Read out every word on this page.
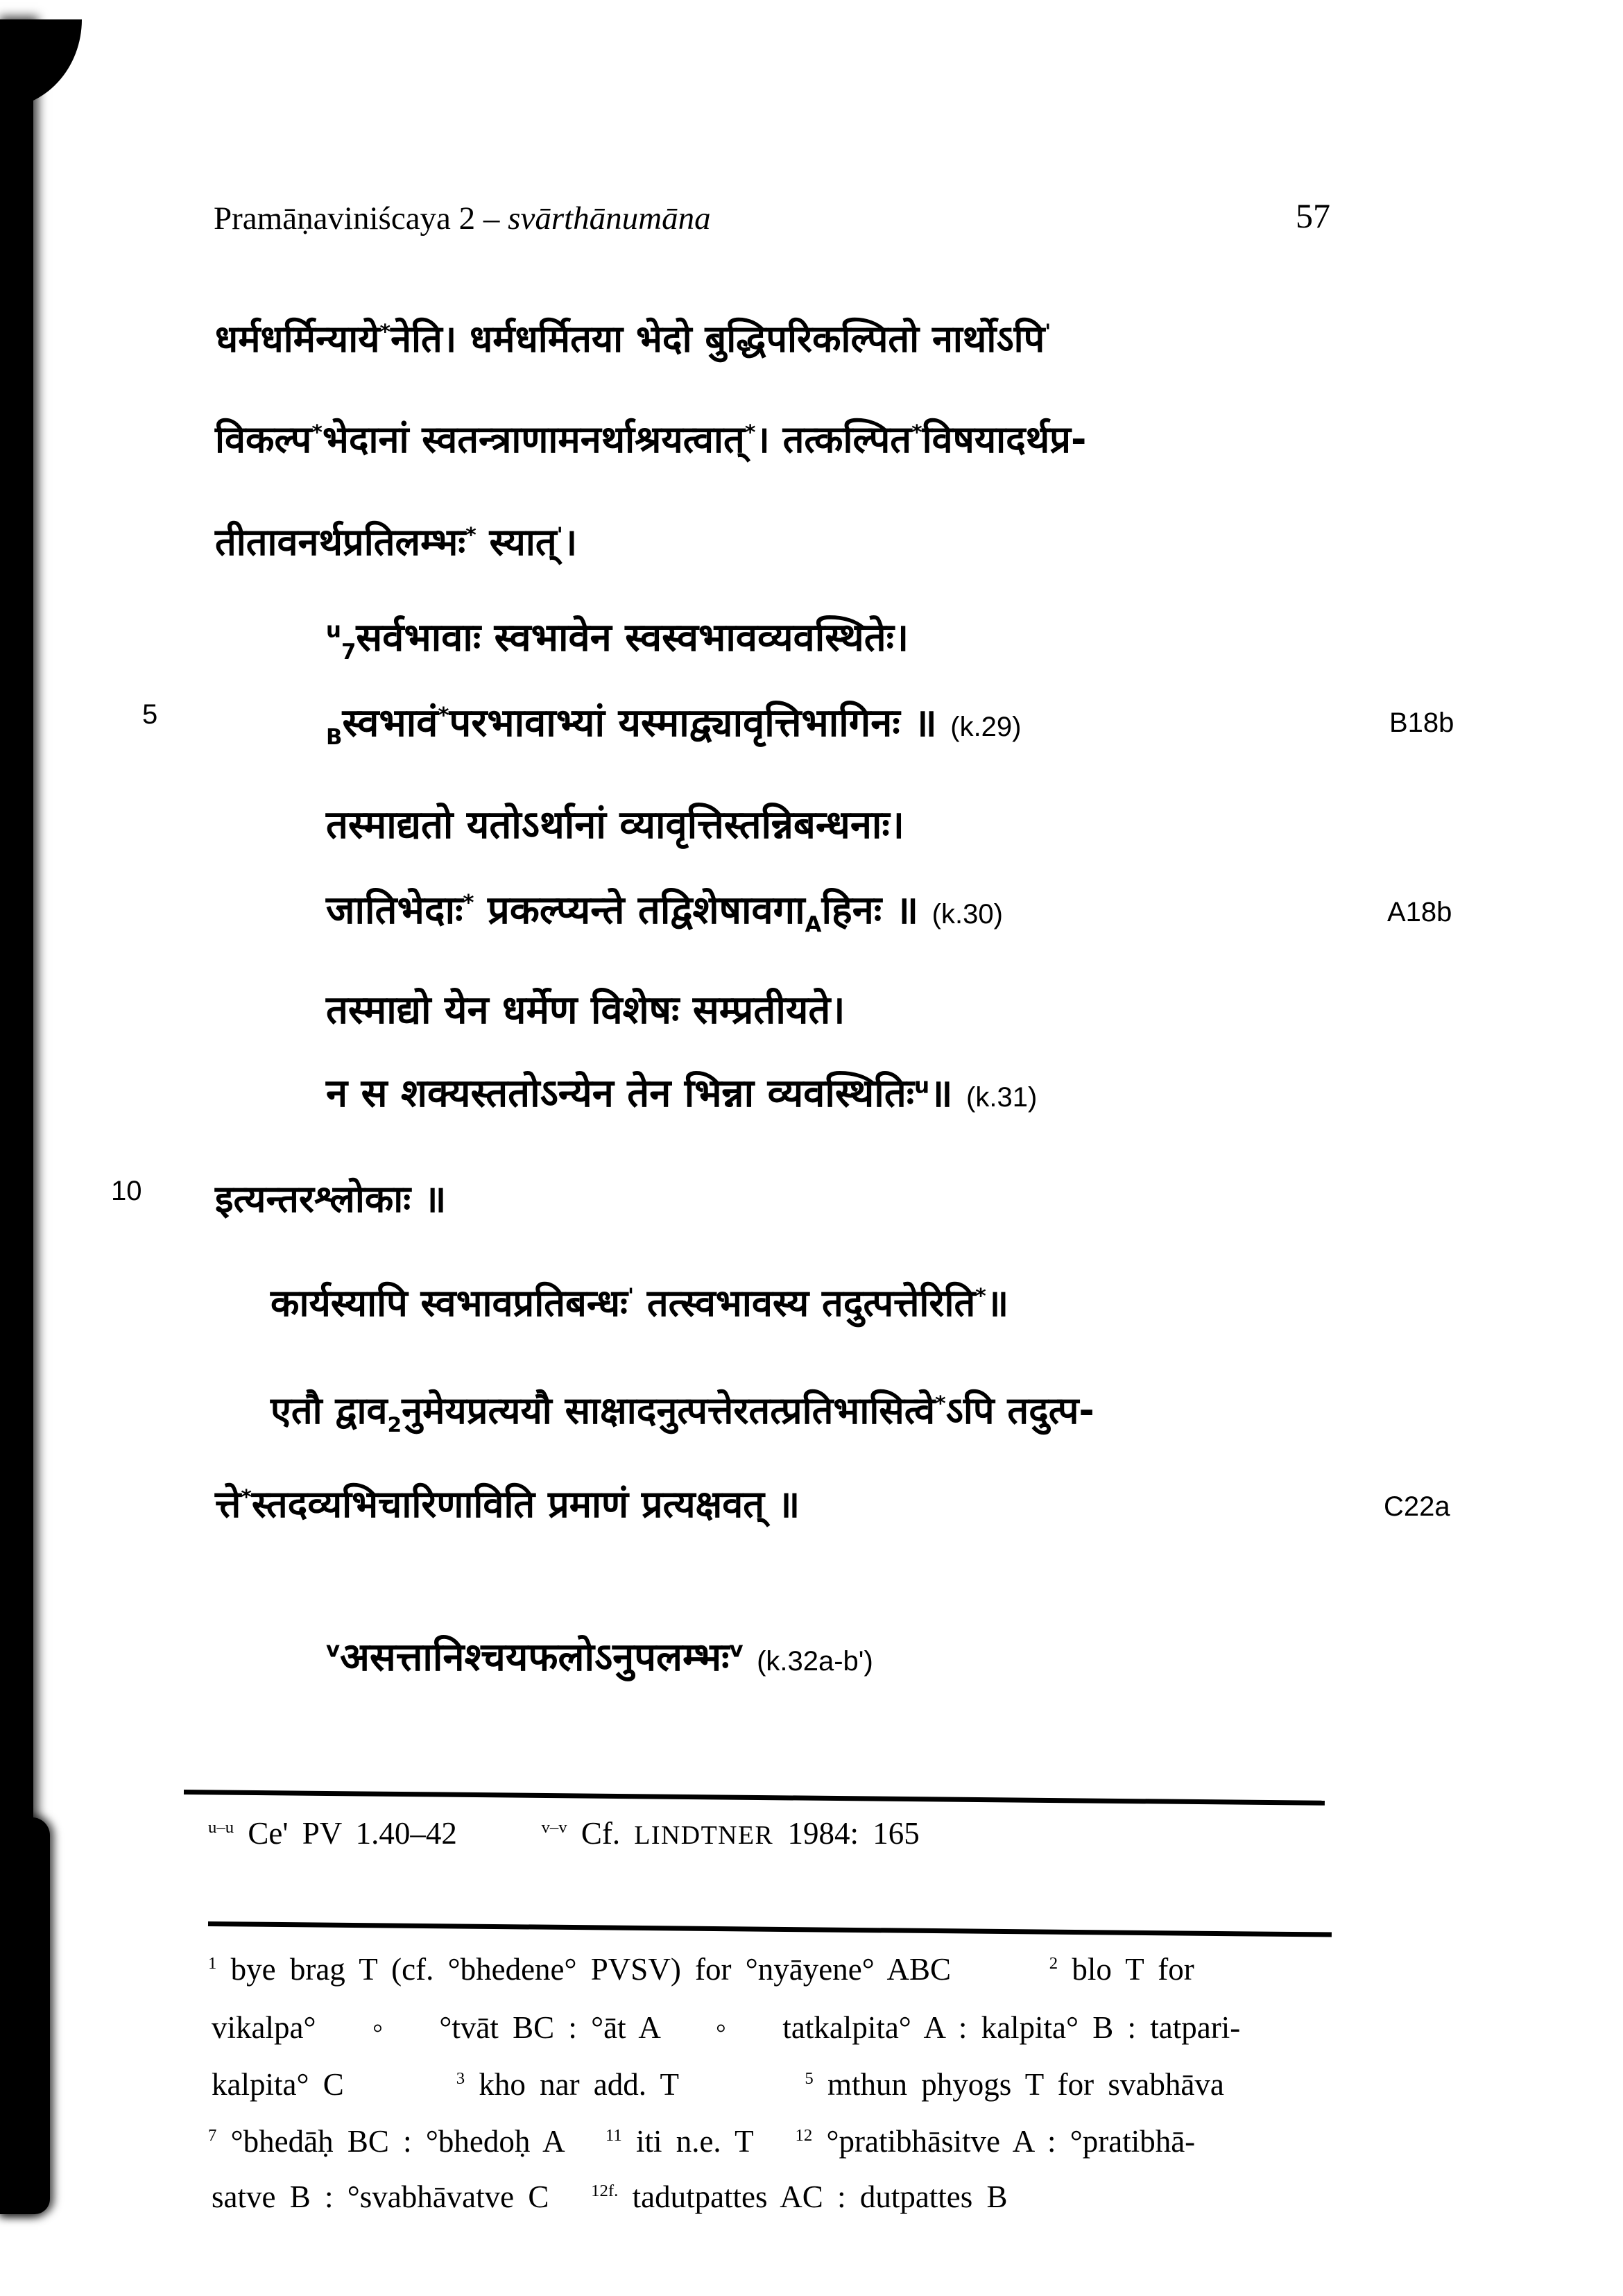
Pramāṇaviniścaya 2 – svārthānumāna	57
धर्मधर्मिन्याये*नेति। धर्मधर्मितया भेदो बुद्धिपरिकल्पितो नार्थोऽपि'
विकल्प*भेदानां स्वतन्त्राणामनर्थाश्रयत्वात्*। तत्कल्पित*विषयादर्थप्र-
तीतावनर्थप्रतिलम्भः* स्यात्'।
$^u_7$सर्वभावाः स्वभावेन स्वस्वभावव्यवस्थितेः।
$_B$स्वभावं*परभावाभ्यां यस्माद्व्यावृत्तिभागिनः ॥ (k.29)
तस्माद्यतो यतोऽर्थानां व्यावृत्तिस्तन्निबन्धनाः।
जातिभेदाः* प्रकल्प्यन्ते $तद्विशेषावगा_Aहिनः$ ॥ (k.30)
तस्माद्यो येन धर्मेण विशेषः सम्प्रतीयते।
न स शक्यस्ततोऽन्येन तेन भिन्ना व्यवस्थितिः$^u$॥ (k.31)
इत्यन्तरश्लोकाः ॥
कार्यस्यापि स्वभावप्रतिबन्धः' तत्स्वभावस्य तदुत्पत्तेरिति*॥
एतौ द्वाव$_2$नुमेयप्रत्ययौ साक्षादनुत्पत्तेरतत्प्रतिभासित्वे*ऽपि तदुत्प-
त्ते*स्तदव्यभिचारिणाविति प्रमाणं प्रत्यक्षवत् ॥
$^v$असत्तानिश्चयफलोऽनुपलम्भः$^v$ (k.32a-b')
5
10
B18b
A18b
C22a
$^{u-u}$ Ce' PV 1.40–42      $^{v-v}$ Cf. LINDTNER 1984: 165
$^1$ bye brag T (cf. °bhedene° PVSV) for °nyāyene° ABC       $^2$ blo T for
vikalpa°    ◦    °tvāt BC : °āt A    ◦    tatkalpita° A : kalpita° B : tatpari-
kalpita° C        $^3$ kho nar add. T         $^5$ mthun phyogs T for svabhāva
$^7$ °bhedāḥ BC : °bhedoḥ A   $^{11}$ iti n.e. T   $^{12}$ °pratibhāsitve A : °pratibhā-
satve B : °svabhāvatve C   $^{12f.}$ tadutpattes AC : dutpattes B
